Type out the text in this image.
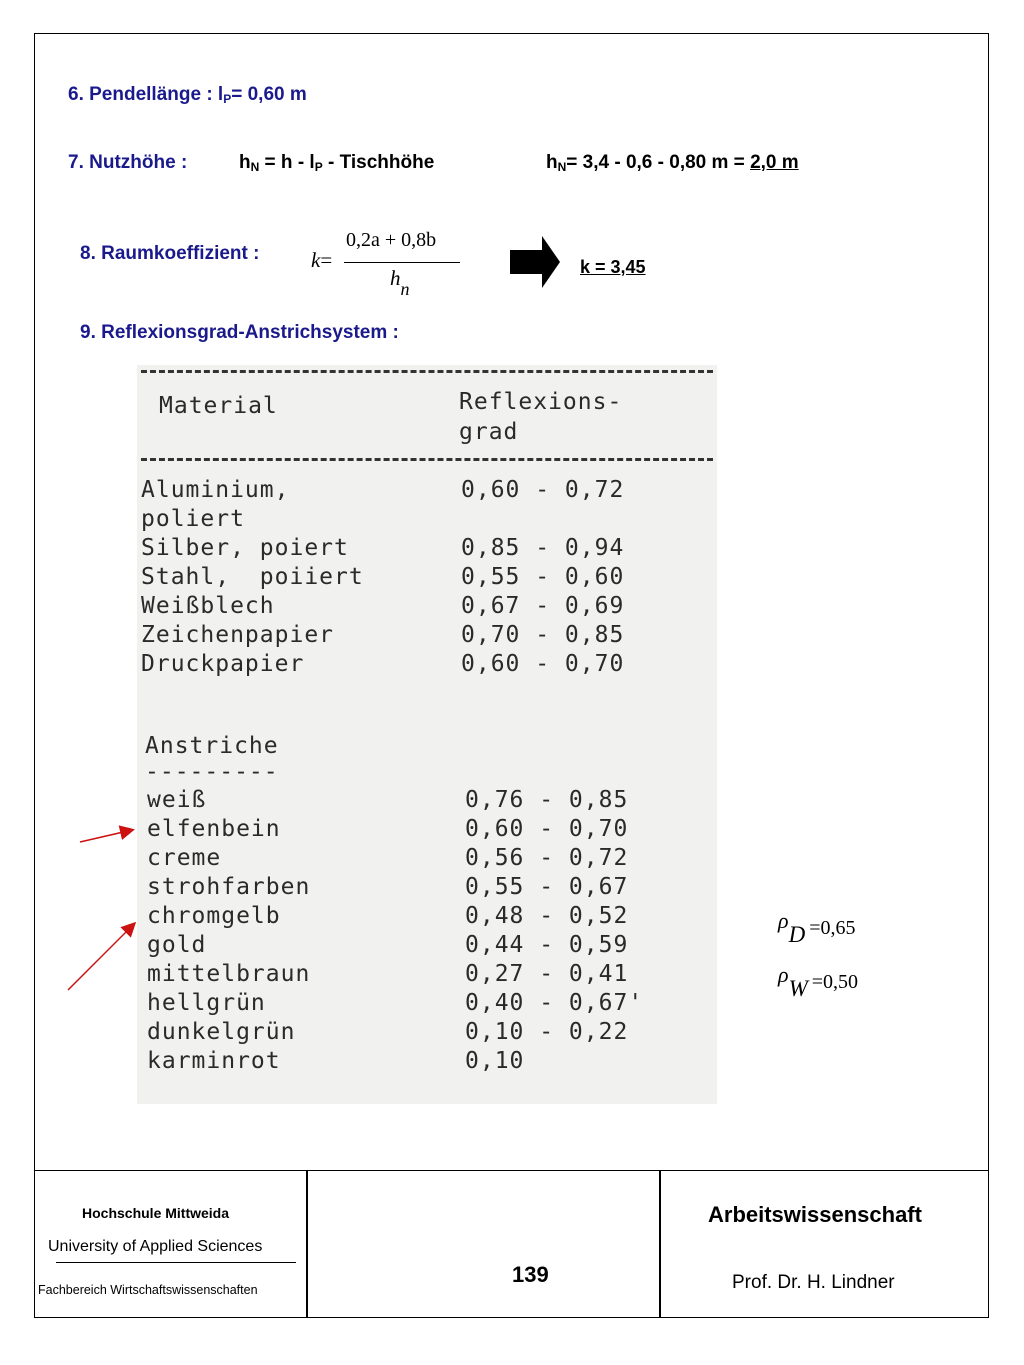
6. Pendellänge : $l_P= 0,60$ m
7. Nutzhöhe :	$h_N = h - l_P$ - Tischhöhe	$h_N= 3,4 - 0,6 - 0,80$ m = 2,0 m
8. Raumkoeffizient : k=
0,2a + 0,8b
$h_n$
k = 3,45
9. Reflexionsgrad-Anstrichsystem :
Material	Reflexions-
grad
Aluminium,	0,60 - 0,72
poliert
Silber, poiert	0,85 - 0,94
Stahl,  poiiert	0,55 - 0,60
Weißblech	0,67 - 0,69
Zeichenpapier	0,70 - 0,85
Druckpapier	0,60 - 0,70
Anstriche
---------
weiß	0,76 - 0,85
elfenbein	0,60 - 0,70
creme	0,56 - 0,72
strohfarben	0,55 - 0,67
chromgelb	0,48 - 0,52
gold	0,44 - 0,59
mittelbraun	0,27 - 0,41
hellgrün	0,40 - 0,67'
dunkelgrün	0,10 - 0,22
karminrot	0,10
ρD =0,65
ρW =0,50
Hochschule Mittweida
University of Applied Sciences
Fachbereich Wirtschaftswissenschaften
139
Arbeitswissenschaft
Prof. Dr. H. Lindner
